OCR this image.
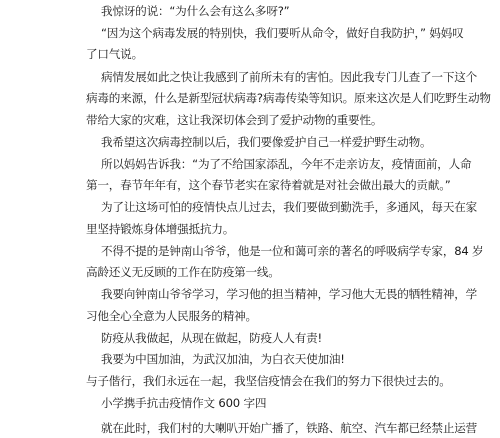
我惊讶的说：“为什么会有这么多呀?”
“因为这个病毒发展的特别快，我们要听从命令，做好自我防护，” 妈妈叹
了口气说。
病情发展如此之快让我感到了前所未有的害怕。因此我专门儿查了一下这个
病毒的来源，什么是新型冠状病毒?病毒传染等知识。原来这次是人们吃野生动物
带给大家的灾难，这让我深切体会到了爱护动物的重要性。
我希望这次病毒控制以后，我们要像爱护自己一样爱护野生动物。
所以妈妈告诉我：“为了不给国家添乱，今年不走亲访友，疫情面前，人命
第一，春节年年有，这个春节老实在家待着就是对社会做出最大的贡献。”
为了让这场可怕的疫情快点儿过去，我们要做到勤洗手，多通风，每天在家
里坚持锻炼身体增强抵抗力。
不得不提的是钟南山爷爷，他是一位和蔼可亲的著名的呼吸病学专家，84 岁
高龄还义无反顾的工作在防疫第一线。
我要向钟南山爷爷学习，学习他的担当精神，学习他大无畏的牺牲精神，学
习他全心全意为人民服务的精神。
防疫从我做起，从现在做起，防疫人人有责!
我要为中国加油，为武汉加油，为白衣天使加油!
与子偕行，我们永远在一起，我坚信疫情会在我们的努力下很快过去的。
小学携手抗击疫情作文 600 字四
就在此时，我们村的大喇叭开始广播了，铁路、航空、汽车都已经禁止运营
